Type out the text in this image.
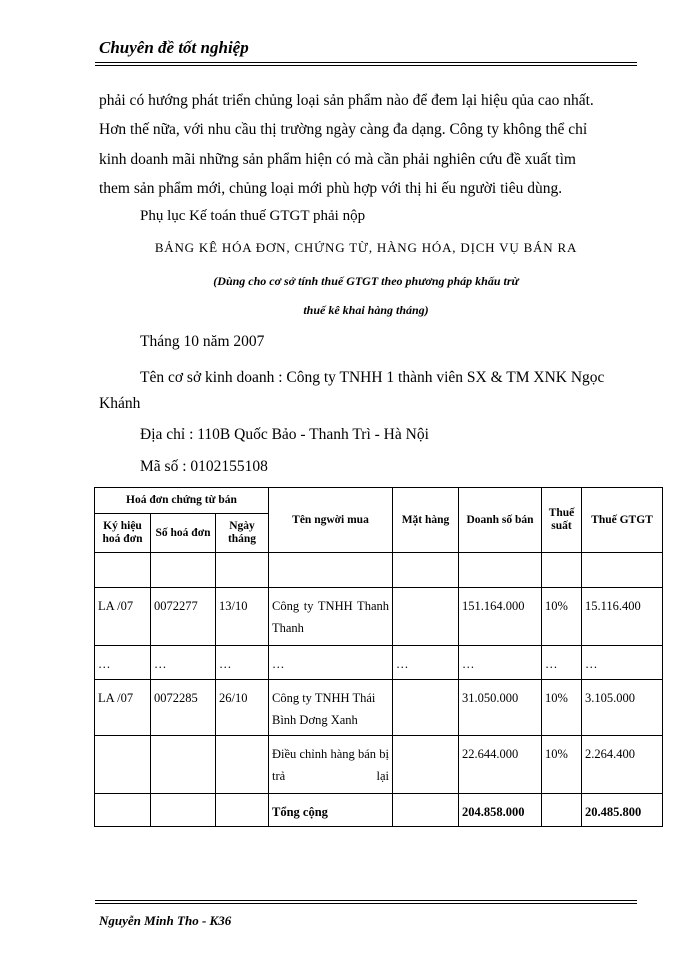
Chuyên đề tốt nghiệp
phải có hướng phát triển chủng loại sản phẩm nào để đem lại hiệu qủa cao nhất.
Hơn thế nữa, với nhu cầu thị trường ngày càng đa dạng. Công ty không thể chỉ
kinh doanh mãi những sản phẩm hiện có mà cần phải nghiên cứu đề xuất tìm
them sản phẩm mới, chủng loại mới phù hợp với thị hi ếu người tiêu dùng.
Phụ lục Kế toán thuế GTGT phải nộp
BẢNG KÊ HÓA ĐƠN, CHỨNG TỪ, HÀNG HÓA, DỊCH VỤ BÁN RA
(Dùng cho cơ sở tính thuế GTGT theo phương pháp khấu trừ
thuế kê khai hàng tháng)
Tháng 10 năm 2007
Tên cơ sở kinh doanh : Công ty TNHH 1 thành viên SX & TM XNK Ngọc
Khánh
Địa chỉ : 110B Quốc Bảo - Thanh Trì - Hà Nội
Mã số : 0102155108
Hoá đơn chứng từ bán			Tên ngwời mua	Mặt hàng	Doanh số bán	Thuế suất	Thuế GTGT
Ký hiệu hoá đơn	Số hoá đơn	Ngày tháng					

LA /07	0072277	13/10	Công ty TNHH Thanh Thanh		151.164.000	10%	15.116.400
…	…	…	…	…	…	…	…
LA /07	0072285	26/10	Công ty TNHH Thái Bình Dơng Xanh		31.050.000	10%	3.105.000
			Điều chỉnh hàng bán bị trả lại		22.644.000	10%	2.264.400
			Tổng cộng		204.858.000		20.485.800
Nguyễn Minh Tho - K36
